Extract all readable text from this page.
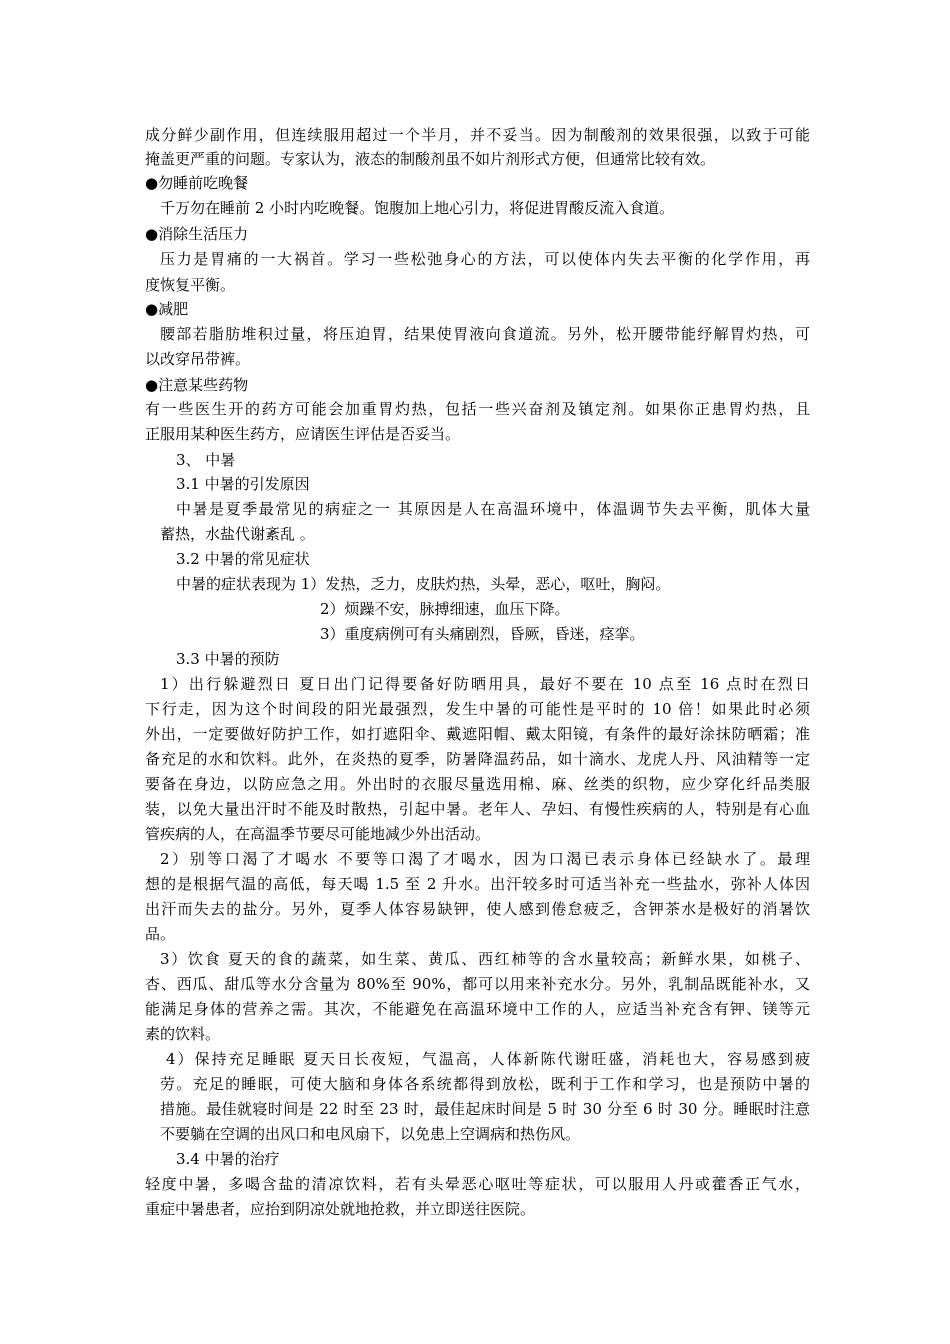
成分鲜少副作用，但连续服用超过一个半月，并不妥当。因为制酸剂的效果很强，以致于可能
掩盖更严重的问题。专家认为，液态的制酸剂虽不如片剂形式方便，但通常比较有效。
●勿睡前吃晚餐
千万勿在睡前 2 小时内吃晚餐。饱腹加上地心引力，将促进胃酸反流入食道。
●消除生活压力
压力是胃痛的一大祸首。学习一些松弛身心的方法，可以使体内失去平衡的化学作用，再
度恢复平衡。
●减肥
腰部若脂肪堆积过量，将压迫胃，结果使胃液向食道流。另外，松开腰带能纾解胃灼热，可
以改穿吊带裤。
●注意某些药物
有一些医生开的药方可能会加重胃灼热，包括一些兴奋剂及镇定剂。如果你正患胃灼热，且
正服用某种医生药方，应请医生评估是否妥当。
3、 中暑
3.1 中暑的引发原因
中暑是夏季最常见的病症之一 其原因是人在高温环境中，体温调节失去平衡，肌体大量
蓄热，水盐代谢紊乱 。
3.2 中暑的常见症状
中暑的症状表现为 1）发热，乏力，皮肤灼热，头晕，恶心，呕吐，胸闷。
2）烦躁不安，脉搏细速，血压下降。
3）重度病例可有头痛剧烈，昏厥，昏迷，痉挛。
3.3 中暑的预防
1）出行躲避烈日 夏日出门记得要备好防晒用具，最好不要在 10 点至 16 点时在烈日
下行走，因为这个时间段的阳光最强烈，发生中暑的可能性是平时的 10 倍！如果此时必须
外出，一定要做好防护工作，如打遮阳伞、戴遮阳帽、戴太阳镜，有条件的最好涂抹防晒霜；准
备充足的水和饮料。此外，在炎热的夏季，防暑降温药品，如十滴水、龙虎人丹、风油精等一定
要备在身边，以防应急之用。外出时的衣服尽量选用棉、麻、丝类的织物，应少穿化纤品类服
装，以免大量出汗时不能及时散热，引起中暑。老年人、孕妇、有慢性疾病的人，特别是有心血
管疾病的人，在高温季节要尽可能地减少外出活动。
2）别等口渴了才喝水 不要等口渴了才喝水，因为口渴已表示身体已经缺水了。最理
想的是根据气温的高低，每天喝 1.5 至 2 升水。出汗较多时可适当补充一些盐水，弥补人体因
出汗而失去的盐分。另外，夏季人体容易缺钾，使人感到倦怠疲乏，含钾茶水是极好的消暑饮
品。
3）饮食 夏天的食的蔬菜，如生菜、黄瓜、西红柿等的含水量较高；新鲜水果，如桃子、
杏、西瓜、甜瓜等水分含量为 80%至 90%，都可以用来补充水分。另外，乳制品既能补水，又
能满足身体的营养之需。其次，不能避免在高温环境中工作的人，应适当补充含有钾、镁等元
素的饮料。
4）保持充足睡眠 夏天日长夜短，气温高，人体新陈代谢旺盛，消耗也大，容易感到疲
劳。充足的睡眠，可使大脑和身体各系统都得到放松，既利于工作和学习，也是预防中暑的
措施。最佳就寝时间是 22 时至 23 时，最佳起床时间是 5 时 30 分至 6 时 30 分。睡眠时注意
不要躺在空调的出风口和电风扇下，以免患上空调病和热伤风。
3.4 中暑的治疗
轻度中暑，多喝含盐的清凉饮料，若有头晕恶心呕吐等症状，可以服用人丹或藿香正气水，
重症中暑患者，应抬到阴凉处就地抢救，并立即送往医院。
